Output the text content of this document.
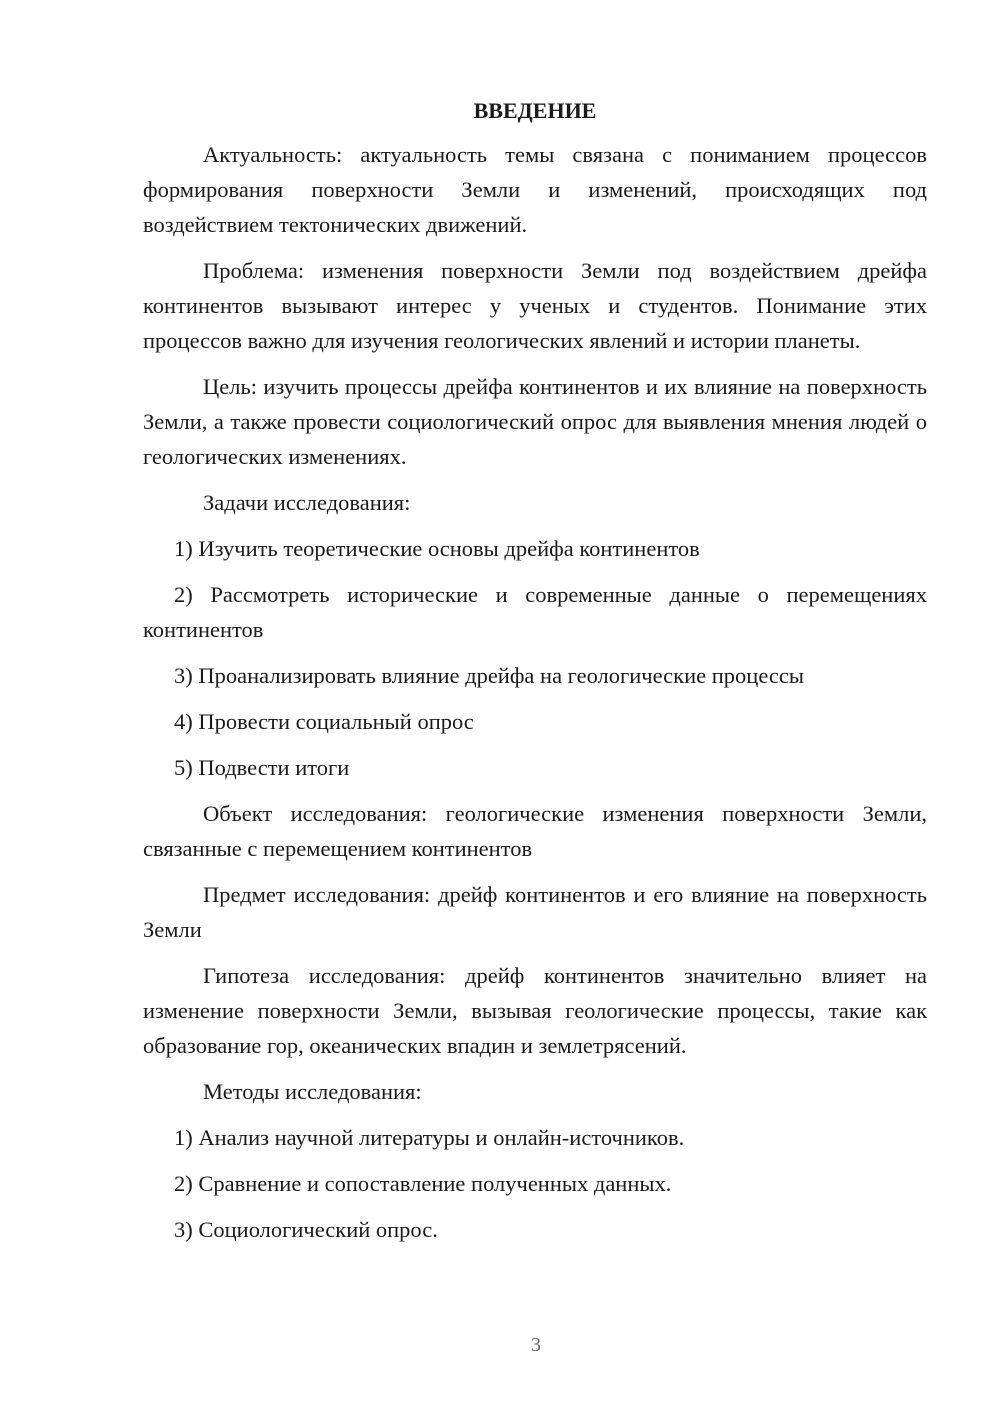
ВВЕДЕНИЕ

Актуальность: актуальность темы связана с пониманием процессов формирования поверхности Земли и изменений, происходящих под воздействием тектонических движений.

Проблема: изменения поверхности Земли под воздействием дрейфа континентов вызывают интерес у ученых и студентов. Понимание этих процессов важно для изучения геологических явлений и истории планеты.

Цель: изучить процессы дрейфа континентов и их влияние на поверхность Земли, а также провести социологический опрос для выявления мнения людей о геологических изменениях.

Задачи исследования:

1) Изучить теоретические основы дрейфа континентов

2) Рассмотреть исторические и современные данные о перемещениях континентов

3) Проанализировать влияние дрейфа на геологические процессы

4) Провести социальный опрос

5) Подвести итоги

Объект исследования: геологические изменения поверхности Земли, связанные с перемещением континентов

Предмет исследования: дрейф континентов и его влияние на поверхность Земли

Гипотеза исследования: дрейф континентов значительно влияет на изменение поверхности Земли, вызывая геологические процессы, такие как образование гор, океанических впадин и землетрясений.

Методы исследования:

1) Анализ научной литературы и онлайн-источников.

2) Сравнение и сопоставление полученных данных.

3) Социологический опрос.

3
